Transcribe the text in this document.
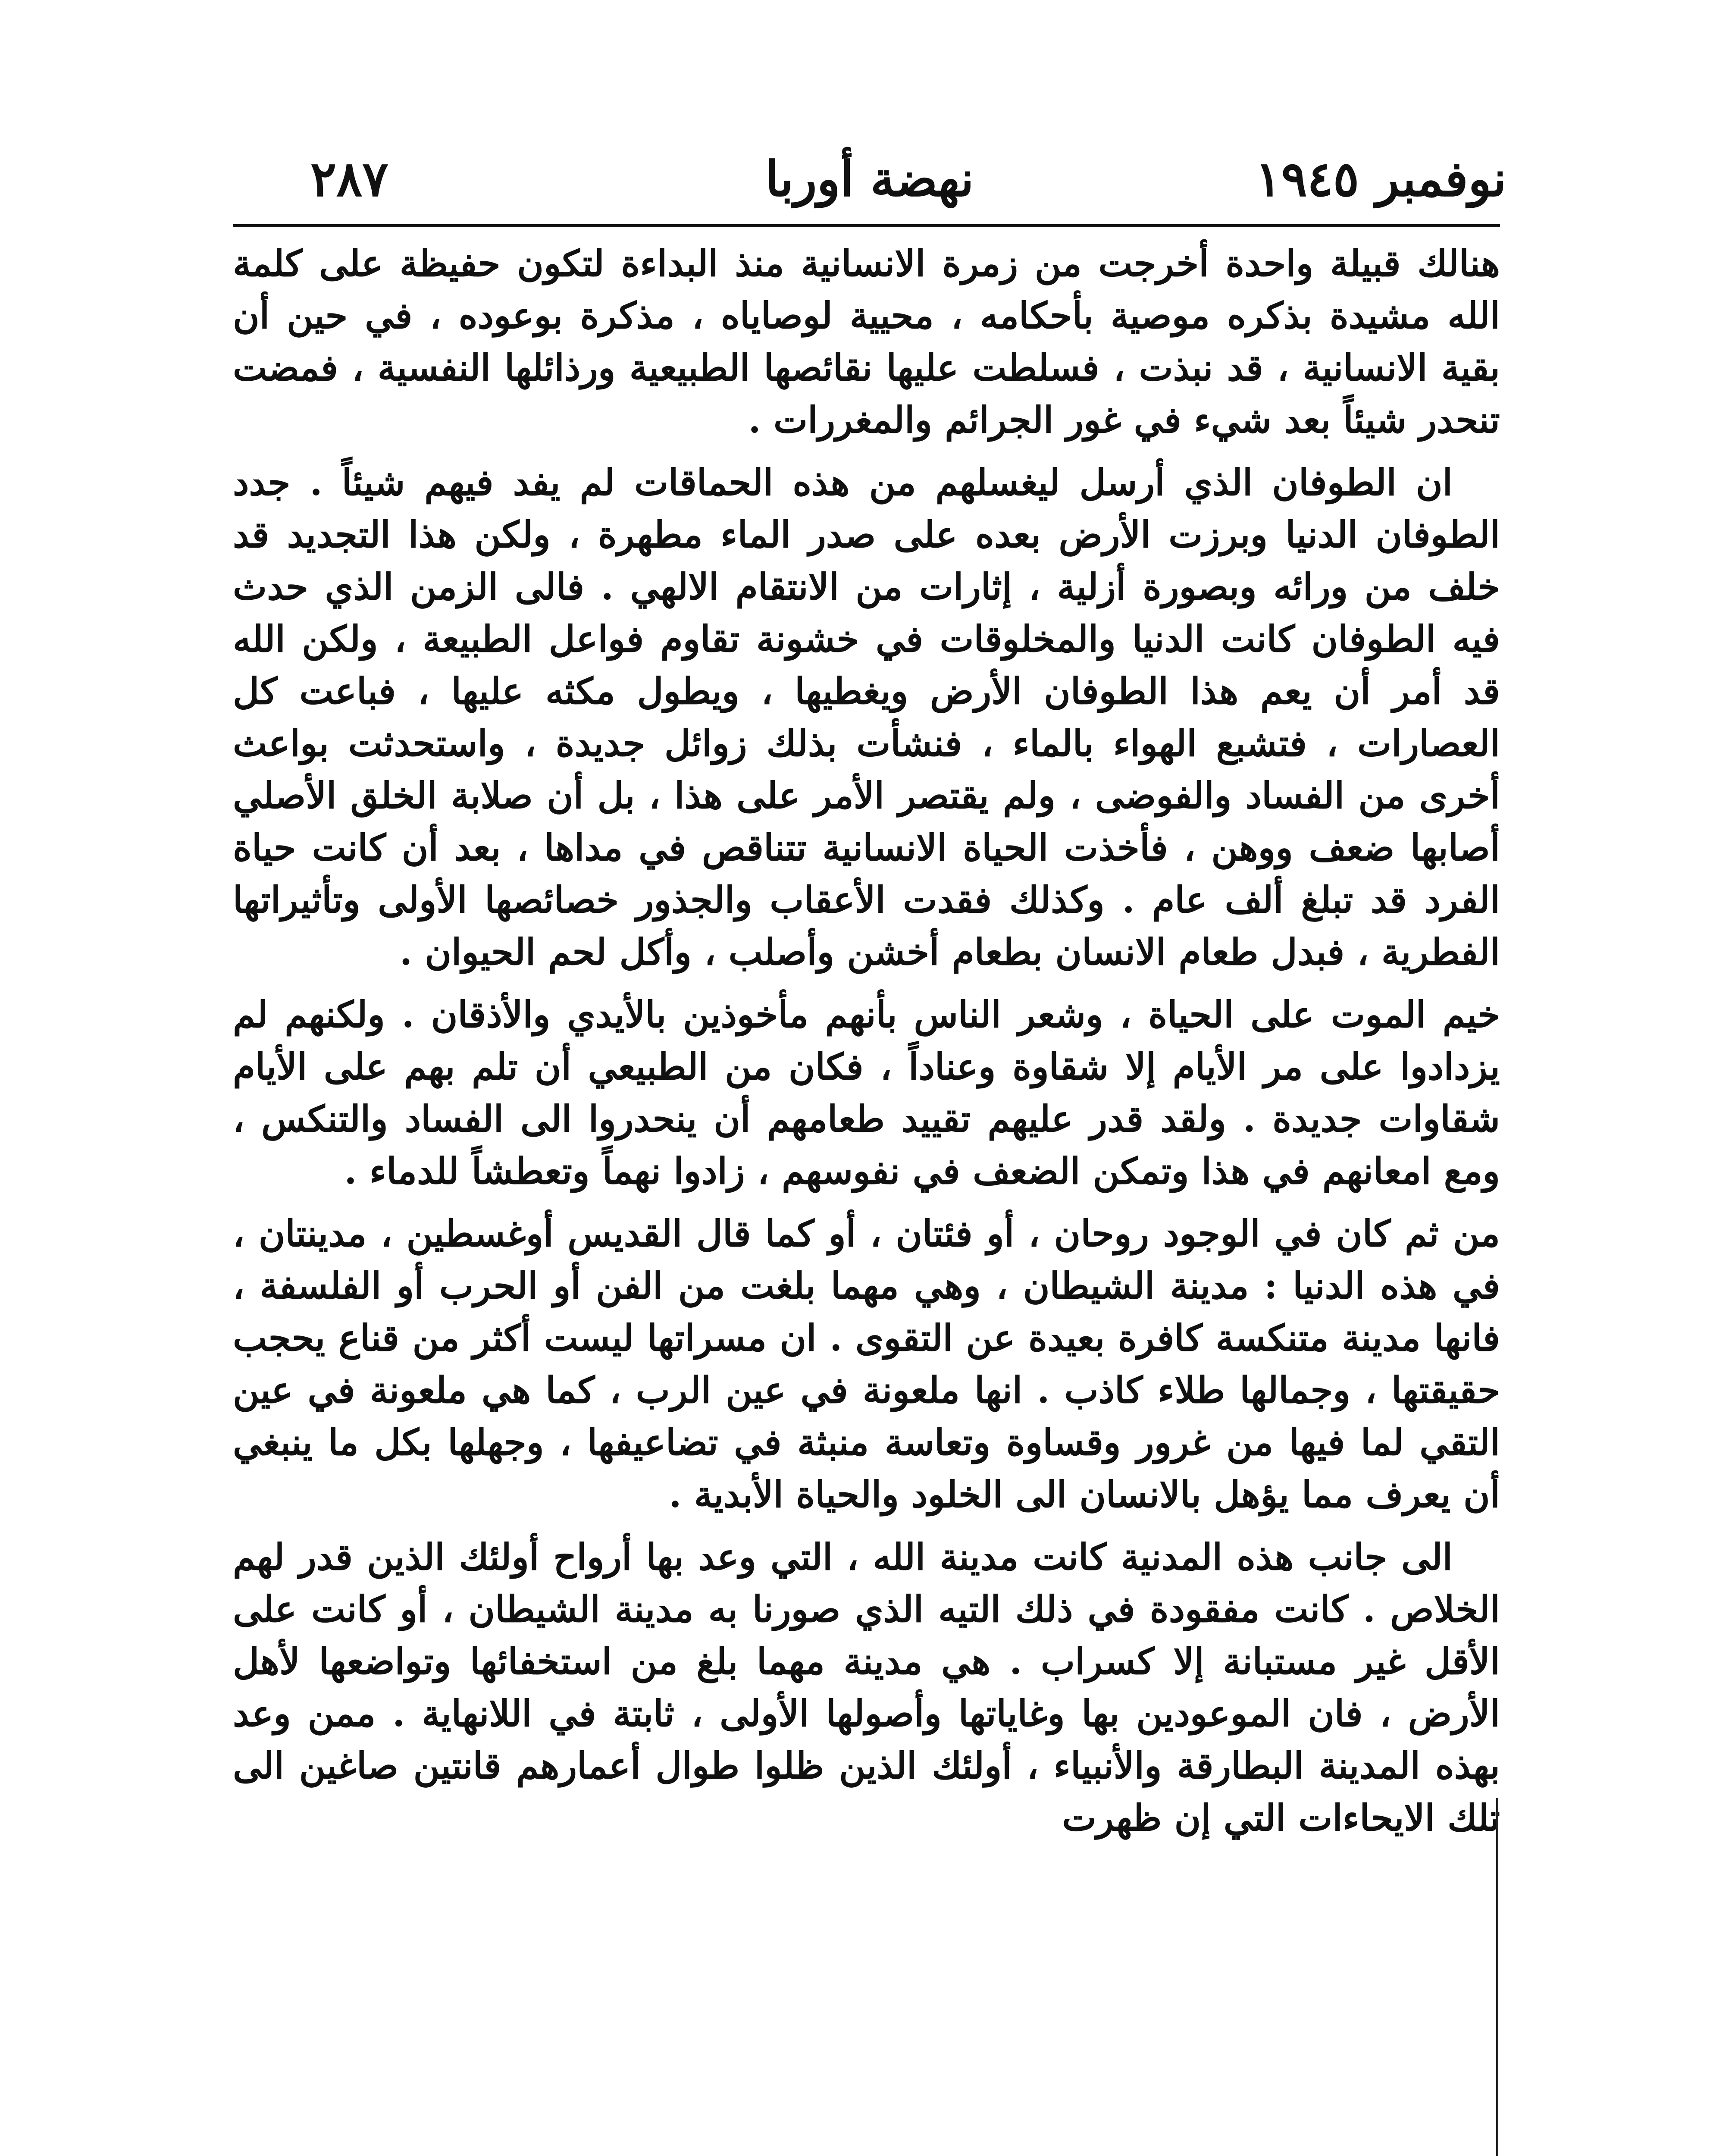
٢٨٧	نهضة أوربا	نوفمبر ١٩٤٥

هنالك قبيلة واحدة أخرجت من زمرة الانسانية منذ البداءة لتكون حفيظة على كلمة الله مشيدة بذكره موصية بأحكامه ، محيية لوصاياه ، مذكرة بوعوده ، في حين أن بقية الانسانية ، قد نبذت ، فسلطت عليها نقائصها الطبيعية ورذائلها النفسية ، فمضت تنحدر شيئاً بعد شيء في غور الجرائم والمغررات .

ان الطوفان الذي أرسل ليغسلهم من هذه الحماقات لم يفد فيهم شيئاً . جدد الطوفان الدنيا وبرزت الأرض بعده على صدر الماء مطهرة ، ولكن هذا التجديد قد خلف من ورائه وبصورة أزلية ، إثارات من الانتقام الالهي . فالى الزمن الذي حدث فيه الطوفان كانت الدنيا والمخلوقات في خشونة تقاوم فواعل الطبيعة ، ولكن الله قد أمر أن يعم هذا الطوفان الأرض ويغطيها ، ويطول مكثه عليها ، فباعت كل العصارات ، فتشبع الهواء بالماء ، فنشأت بذلك زوائل جديدة ، واستحدثت بواعث أخرى من الفساد والفوضى ، ولم يقتصر الأمر على هذا ، بل أن صلابة الخلق الأصلي أصابها ضعف ووهن ، فأخذت الحياة الانسانية تتناقص في مداها ، بعد أن كانت حياة الفرد قد تبلغ ألف عام . وكذلك فقدت الأعقاب والجذور خصائصها الأولى وتأثيراتها الفطرية ، فبدل طعام الانسان بطعام أخشن وأصلب ، وأكل لحم الحيوان .

خيم الموت على الحياة ، وشعر الناس بأنهم مأخوذين بالأيدي والأذقان . ولكنهم لم يزدادوا على مر الأيام إلا شقاوة وعناداً ، فكان من الطبيعي أن تلم بهم على الأيام شقاوات جديدة . ولقد قدر عليهم تقييد طعامهم أن ينحدروا الى الفساد والتنكس ، ومع امعانهم في هذا وتمكن الضعف في نفوسهم ، زادوا نهماً وتعطشاً للدماء .

من ثم كان في الوجود روحان ، أو فئتان ، أو كما قال القديس أوغسطين ، مدينتان ، في هذه الدنيا : مدينة الشيطان ، وهي مهما بلغت من الفن أو الحرب أو الفلسفة ، فانها مدينة متنكسة كافرة بعيدة عن التقوى . ان مسراتها ليست أكثر من قناع يحجب حقيقتها ، وجمالها طلاء كاذب . انها ملعونة في عين الرب ، كما هي ملعونة في عين التقي لما فيها من غرور وقساوة وتعاسة منبثة في تضاعيفها ، وجهلها بكل ما ينبغي أن يعرف مما يؤهل بالانسان الى الخلود والحياة الأبدية .

الى جانب هذه المدنية كانت مدينة الله ، التي وعد بها أرواح أولئك الذين قدر لهم الخلاص . كانت مفقودة في ذلك التيه الذي صورنا به مدينة الشيطان ، أو كانت على الأقل غير مستبانة إلا كسراب . هي مدينة مهما بلغ من استخفائها وتواضعها لأهل الأرض ، فان الموعودين بها وغاياتها وأصولها الأولى ، ثابتة في اللانهاية . ممن وعد بهذه المدينة البطارقة والأنبياء ، أولئك الذين ظلوا طوال أعمارهم قانتين صاغين الى تلك الايحاءات التي إن ظهرت
